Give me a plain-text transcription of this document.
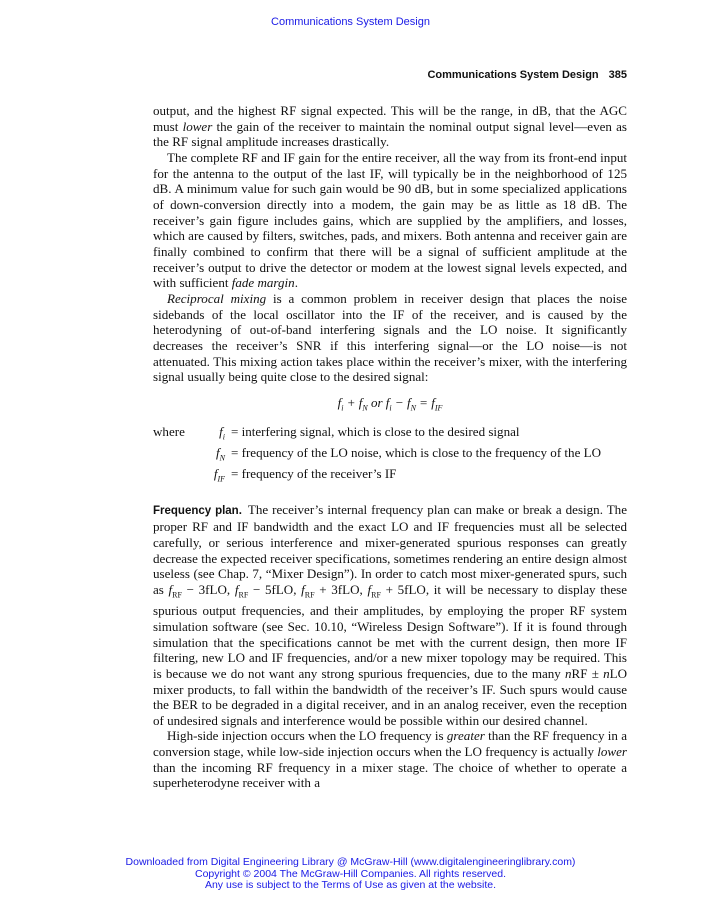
Communications System Design
Communications System Design 385

output, and the highest RF signal expected. This will be the range, in dB, that the AGC must lower the gain of the receiver to maintain the nominal output signal level—even as the RF signal amplitude increases drastically.

The complete RF and IF gain for the entire receiver, all the way from its front-end input for the antenna to the output of the last IF, will typically be in the neighborhood of 125 dB. A minimum value for such gain would be 90 dB, but in some specialized applications of down-conversion directly into a modem, the gain may be as little as 18 dB. The receiver’s gain figure includes gains, which are supplied by the amplifiers, and losses, which are caused by filters, switches, pads, and mixers. Both antenna and receiver gain are finally combined to confirm that there will be a signal of sufficient amplitude at the receiver’s output to drive the detector or modem at the lowest signal levels expected, and with sufficient fade margin.

Reciprocal mixing is a common problem in receiver design that places the noise sidebands of the local oscillator into the IF of the receiver, and is caused by the heterodyning of out-of-band interfering signals and the LO noise. It significantly decreases the receiver’s SNR if this interfering signal—or the LO noise—is not attenuated. This mixing action takes place within the receiver’s mixer, with the interfering signal usually being quite close to the desired signal:

$f_i + f_N$ or $f_i - f_N = f_{IF}$
where	$f_i$ = interfering signal, which is close to the desired signal
$f_N$ = frequency of the LO noise, which is close to the frequency of the LO
$f_{IF}$ = frequency of the receiver’s IF

Frequency plan. The receiver’s internal frequency plan can make or break a design. The proper RF and IF bandwidth and the exact LO and IF frequencies must all be selected carefully, or serious interference and mixer-generated spurious responses can greatly decrease the expected receiver specifications, sometimes rendering an entire design almost useless (see Chap. 7, “Mixer Design”). In order to catch most mixer-generated spurs, such as $f_{RF} - 3fLO$, $f_{RF} - 5fLO$, $f_{RF} + 3fLO$, $f_{RF} + 5fLO$, it will be necessary to display these spurious output frequencies, and their amplitudes, by employing the proper RF system simulation software (see Sec. 10.10, “Wireless Design Software”). If it is found through simulation that the specifications cannot be met with the current design, then more IF filtering, new LO and IF frequencies, and/or a new mixer topology may be required. This is because we do not want any strong spurious frequencies, due to the many nRF ± nLO mixer products, to fall within the bandwidth of the receiver’s IF. Such spurs would cause the BER to be degraded in a digital receiver, and in an analog receiver, even the reception of undesired signals and interference would be possible within our desired channel.

High-side injection occurs when the LO frequency is greater than the RF frequency in a conversion stage, while low-side injection occurs when the LO frequency is actually lower than the incoming RF frequency in a mixer stage. The choice of whether to operate a superheterodyne receiver with a

Downloaded from Digital Engineering Library @ McGraw-Hill (www.digitalengineeringlibrary.com)
Copyright © 2004 The McGraw-Hill Companies. All rights reserved.
Any use is subject to the Terms of Use as given at the website.
